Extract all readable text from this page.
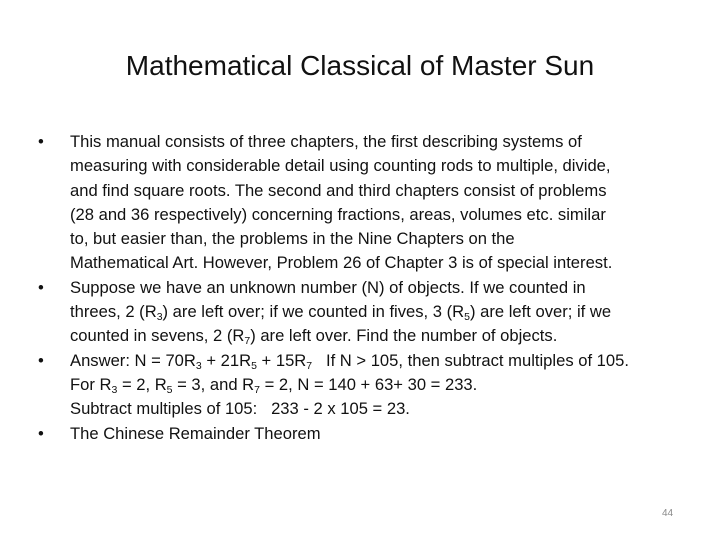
Mathematical Classical of Master Sun
• This manual consists of three chapters, the first describing systems of
measuring with considerable detail using counting rods to multiple, divide,
and find square roots. The second and third chapters consist of problems
(28 and 36 respectively) concerning fractions, areas, volumes etc. similar
to, but easier than, the problems in the Nine Chapters on the
Mathematical Art. However, Problem 26 of Chapter 3 is of special interest.
• Suppose we have an unknown number (N) of objects. If we counted in
threes, 2 $(R_3)$ are left over; if we counted in fives, 3 $(R_5)$ are left over; if we
counted in sevens, 2 $(R_7)$ are left over. Find the number of objects.
• Answer: $N = 70R_3 + 21R_5 + 15R_7$   If N > 105, then subtract multiples of 105.
For $R_3 = 2$, $R_5 = 3$, and $R_7 = 2$, N = 140 + 63+ 30 = 233.
Subtract multiples of 105:   233 - 2 x 105 = 23.
• The Chinese Remainder Theorem
44
